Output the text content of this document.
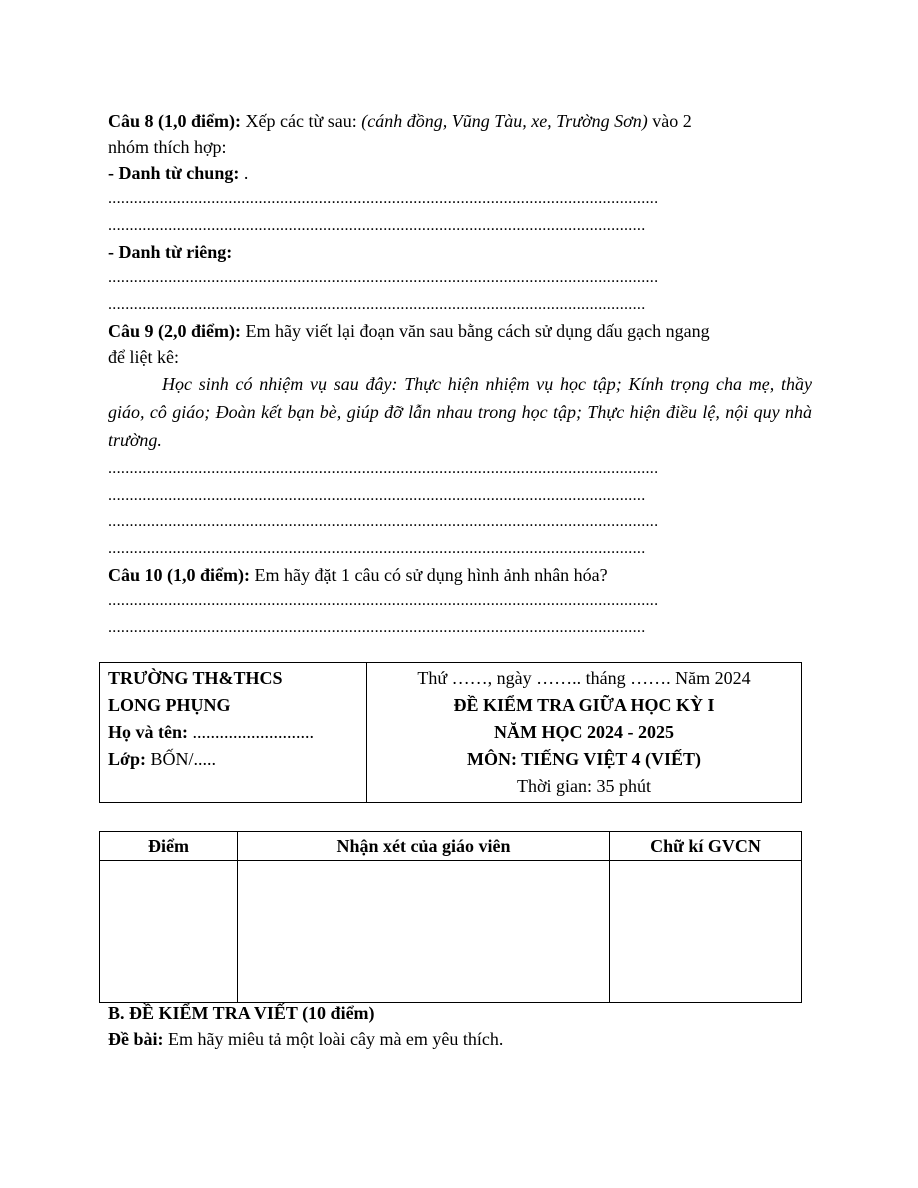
Câu 8 (1,0 điểm): Xếp các từ sau: (cánh đồng, Vũng Tàu, xe, Trường Sơn) vào 2
nhóm thích hợp:
- Danh từ chung: .
................................................................................................................................
.............................................................................................................................
- Danh từ riêng:
................................................................................................................................
.............................................................................................................................
Câu 9 (2,0 điểm): Em hãy viết lại đoạn văn sau bằng cách sử dụng dấu gạch ngang
để liệt kê:
Học sinh có nhiệm vụ sau đây: Thực hiện nhiệm vụ học tập; Kính trọng cha mẹ, thầy giáo, cô giáo; Đoàn kết bạn bè, giúp đỡ lẫn nhau trong học tập; Thực hiện điều lệ, nội quy nhà trường.
................................................................................................................................
.............................................................................................................................
................................................................................................................................
.............................................................................................................................
Câu 10 (1,0 điểm): Em hãy đặt 1 câu có sử dụng hình ảnh nhân hóa?
................................................................................................................................
.............................................................................................................................
TRƯỜNG TH&THCS
LONG PHỤNG
Họ và tên: ...........................
Lớp: BỐN/.....

Thứ ……, ngày …….. tháng ……. Năm 2024
ĐỀ KIỂM TRA GIỮA HỌC KỲ I
NĂM HỌC 2024 - 2025
MÔN: TIẾNG VIỆT 4 (VIẾT)
Thời gian: 35 phút
Điểm	Nhận xét của giáo viên	Chữ kí GVCN

B. ĐỀ KIỂM TRA VIẾT (10 điểm)
Đề bài: Em hãy miêu tả một loài cây mà em yêu thích.
